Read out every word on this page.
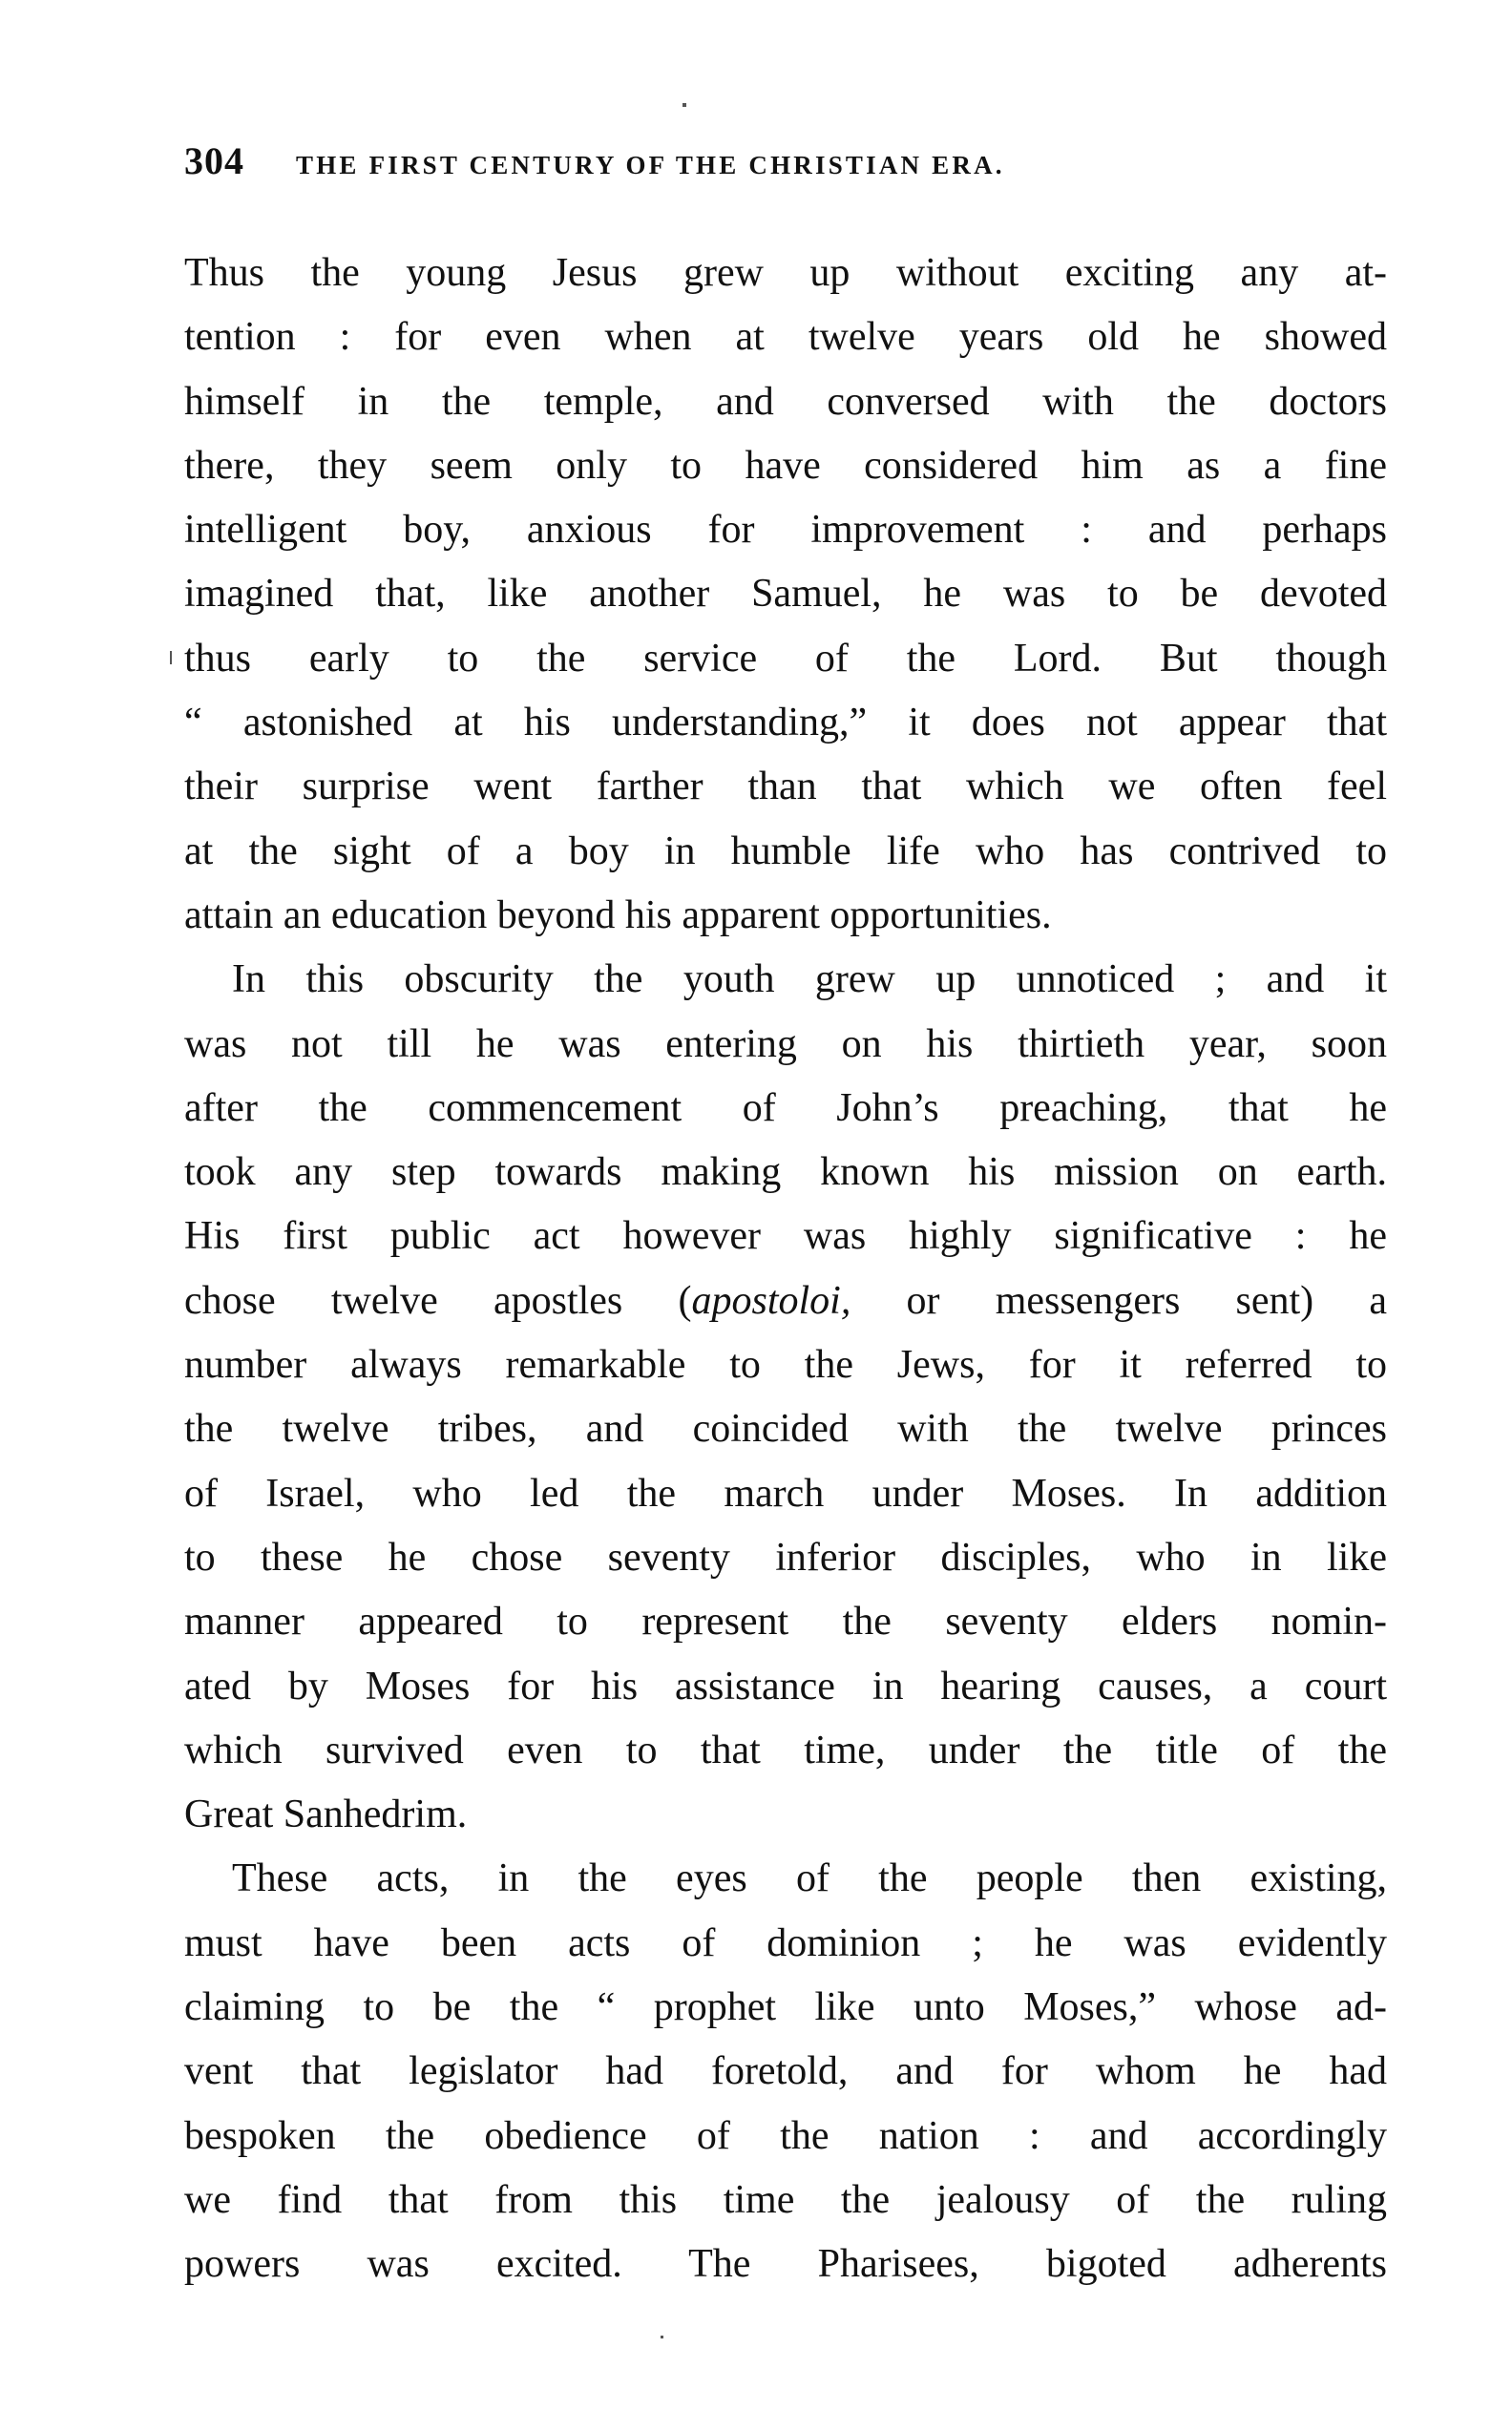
304 THE FIRST CENTURY OF THE CHRISTIAN ERA.
Thus the young Jesus grew up without exciting any at-
tention : for even when at twelve years old he showed
himself in the temple, and conversed with the doctors
there, they seem only to have considered him as a fine
intelligent boy, anxious for improvement : and perhaps
imagined that, like another Samuel, he was to be devoted
thus early to the service of the Lord. But though
“ astonished at his understanding,” it does not appear that
their surprise went farther than that which we often feel
at the sight of a boy in humble life who has contrived to
attain an education beyond his apparent opportunities.
In this obscurity the youth grew up unnoticed ; and it
was not till he was entering on his thirtieth year, soon
after the commencement of John’s preaching, that he
took any step towards making known his mission on earth.
His first public act however was highly significative : he
chose twelve apostles (apostoloi, or messengers sent) a
number always remarkable to the Jews, for it referred to
the twelve tribes, and coincided with the twelve princes
of Israel, who led the march under Moses. In addition
to these he chose seventy inferior disciples, who in like
manner appeared to represent the seventy elders nomin-
ated by Moses for his assistance in hearing causes, a court
which survived even to that time, under the title of the
Great Sanhedrim.
These acts, in the eyes of the people then existing,
must have been acts of dominion ; he was evidently
claiming to be the “ prophet like unto Moses,” whose ad-
vent that legislator had foretold, and for whom he had
bespoken the obedience of the nation : and accordingly
we find that from this time the jealousy of the ruling
powers was excited. The Pharisees, bigoted adherents
